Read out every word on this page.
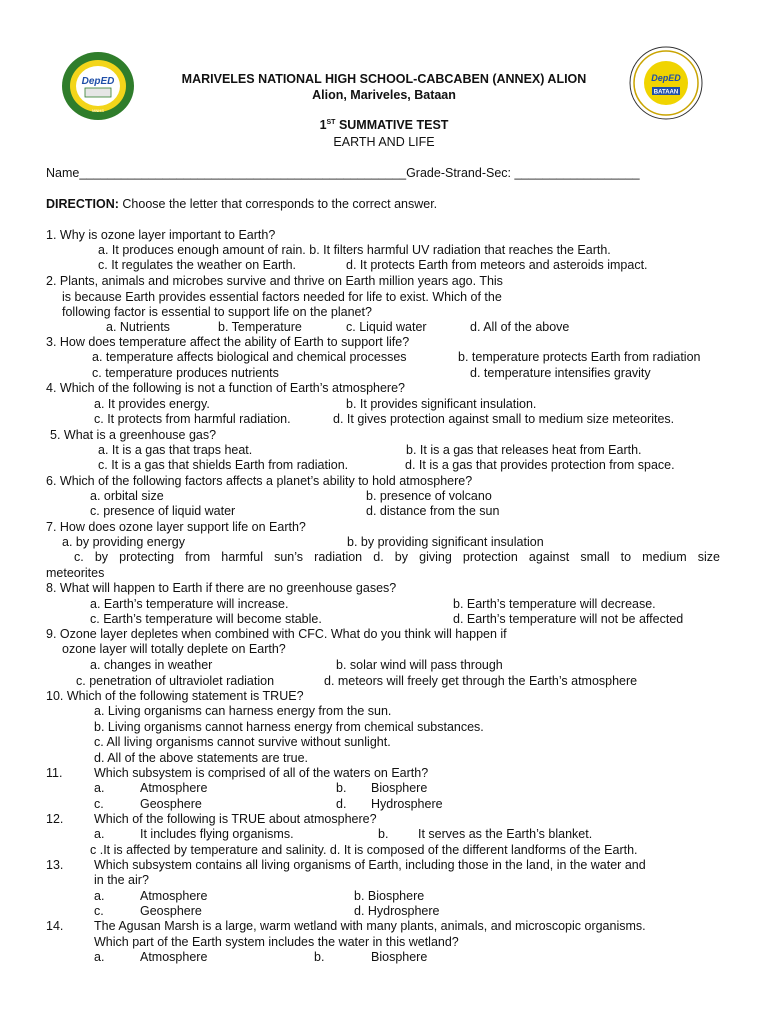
DepED
MNHS
DepED
BATAAN
MARIVELES NATIONAL HIGH SCHOOL-CABCABEN (ANNEX) ALION
Alion, Mariveles, Bataan
1ST SUMMATIVE TEST
EARTH AND LIFE
Name_______________________________________________Grade-Strand-Sec: __________________
DIRECTION: Choose the letter that corresponds to the correct answer.
1. Why is ozone layer important to Earth?
a. It produces enough amount of rain. b. It filters harmful UV radiation that reaches the Earth.
c. It regulates the weather on Earth.	d. It protects Earth from meteors and asteroids impact.
2. Plants, animals and microbes survive and thrive on Earth million years ago. This
is because Earth provides essential factors needed for life to exist. Which of the
following factor is essential to support life on the planet?
a. Nutrients	b. Temperature	c. Liquid water	d. All of the above
3. How does temperature affect the ability of Earth to support life?
a. temperature affects biological and chemical processes	b. temperature protects Earth from radiation
c. temperature produces nutrients	d. temperature intensifies gravity
4. Which of the following is not a function of Earth’s atmosphere?
a. It provides energy.	b. It provides significant insulation.
c. It protects from harmful radiation.	d. It gives protection against small to medium size meteorites.
5. What is a greenhouse gas?
a. It is a gas that traps heat.	b. It is a gas that releases heat from Earth.
c. It is a gas that shields Earth from radiation.	d. It is a gas that provides protection from space.
6. Which of the following factors affects a planet’s ability to hold atmosphere?
a. orbital size	b. presence of volcano
c. presence of liquid water	d. distance from the sun
7. How does ozone layer support life on Earth?
a. by providing energy	b. by providing significant insulation
c. by protecting from harmful sun’s radiation d. by giving protection against small to medium size
meteorites
8. What will happen to Earth if there are no greenhouse gases?
a. Earth’s temperature will increase.	b. Earth’s temperature will decrease.
c. Earth’s temperature will become stable.	d. Earth’s temperature will not be affected
9. Ozone layer depletes when combined with CFC. What do you think will happen if
ozone layer will totally deplete on Earth?
a. changes in weather	b. solar wind will pass through
c. penetration of ultraviolet radiation	d. meteors will freely get through the Earth’s atmosphere
10. Which of the following statement is TRUE?
a. Living organisms can harness energy from the sun.
b. Living organisms cannot harness energy from chemical substances.
c. All living organisms cannot survive without sunlight.
d. All of the above statements are true.
11.	Which subsystem is comprised of all of the waters on Earth?
a.	Atmosphere	b. Biosphere
c.	Geosphere	d. Hydrosphere
12. Which of the following is TRUE about atmosphere?
a.	It includes flying organisms.	b. It serves as the Earth’s blanket.
c .It is affected by temperature and salinity. d. It is composed of the different landforms of the Earth.
13. Which subsystem contains all living organisms of Earth, including those in the land, in the water and
in the air?
a.	Atmosphere	b. Biosphere
c.	Geosphere	d. Hydrosphere
14. The Agusan Marsh is a large, warm wetland with many plants, animals, and microscopic organisms.
Which part of the Earth system includes the water in this wetland?
a.	Atmosphere	b.	Biosphere
